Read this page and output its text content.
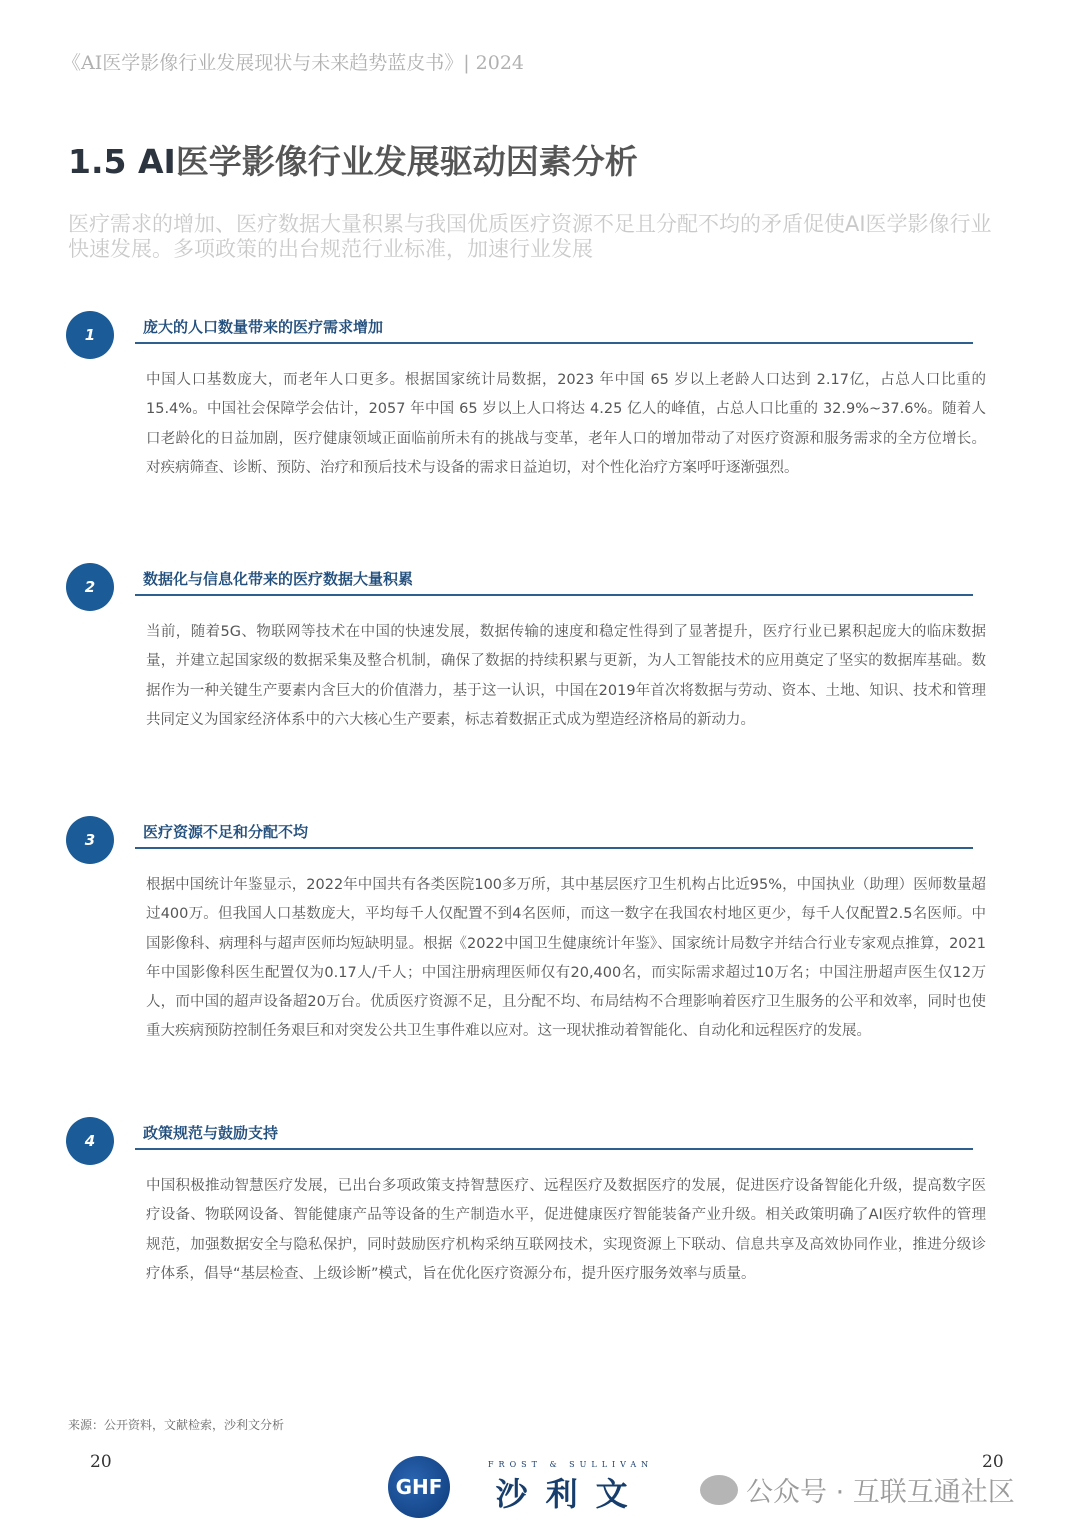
《AI医学影像行业发展现状与未来趋势蓝皮书》| 2024
1.5 AI医学影像行业发展驱动因素分析
医疗需求的增加、医疗数据大量积累与我国优质医疗资源不足且分配不均的矛盾促使AI医学影像行业快速发展。多项政策的出台规范行业标准，加速行业发展
1	庞大的人口数量带来的医疗需求增加
中国人口基数庞大，而老年人口更多。根据国家统计局数据，2023 年中国 65 岁以上老龄人口达到 2.17亿，占总人口比重的 15.4%。中国社会保障学会估计，2057 年中国 65 岁以上人口将达 4.25 亿人的峰值，占总人口比重的 32.9%~37.6%。随着人口老龄化的日益加剧，医疗健康领域正面临前所未有的挑战与变革，老年人口的增加带动了对医疗资源和服务需求的全方位增长。对疾病筛查、诊断、预防、治疗和预后技术与设备的需求日益迫切，对个性化治疗方案呼吁逐渐强烈。
2	数据化与信息化带来的医疗数据大量积累
当前，随着5G、物联网等技术在中国的快速发展，数据传输的速度和稳定性得到了显著提升，医疗行业已累积起庞大的临床数据量，并建立起国家级的数据采集及整合机制，确保了数据的持续积累与更新，为人工智能技术的应用奠定了坚实的数据库基础。数据作为一种关键生产要素内含巨大的价值潜力，基于这一认识，中国在2019年首次将数据与劳动、资本、土地、知识、技术和管理共同定义为国家经济体系中的六大核心生产要素，标志着数据正式成为塑造经济格局的新动力。
3	医疗资源不足和分配不均
根据中国统计年鉴显示，2022年中国共有各类医院100多万所，其中基层医疗卫生机构占比近95%，中国执业（助理）医师数量超过400万。但我国人口基数庞大，平均每千人仅配置不到4名医师，而这一数字在我国农村地区更少，每千人仅配置2.5名医师。中国影像科、病理科与超声医师均短缺明显。根据《2022中国卫生健康统计年鉴》、国家统计局数字并结合行业专家观点推算，2021年中国影像科医生配置仅为0.17人/千人；中国注册病理医师仅有20,400名，而实际需求超过10万名；中国注册超声医生仅12万人，而中国的超声设备超20万台。优质医疗资源不足，且分配不均、布局结构不合理影响着医疗卫生服务的公平和效率，同时也使重大疾病预防控制任务艰巨和对突发公共卫生事件难以应对。这一现状推动着智能化、自动化和远程医疗的发展。
4	政策规范与鼓励支持
中国积极推动智慧医疗发展，已出台多项政策支持智慧医疗、远程医疗及数据医疗的发展，促进医疗设备智能化升级，提高数字医疗设备、物联网设备、智能健康产品等设备的生产制造水平，促进健康医疗智能装备产业升级。相关政策明确了AI医疗软件的管理规范，加强数据安全与隐私保护，同时鼓励医疗机构采纳互联网技术，实现资源上下联动、信息共享及高效协同作业，推进分级诊疗体系，倡导“基层检查、上级诊断”模式，旨在优化医疗资源分布，提升医疗服务效率与质量。
来源：公开资料，文献检索，沙利文分析
20	20
GHF
FROST & SULLIVAN
沙利文	公众号 · 互联互通社区
